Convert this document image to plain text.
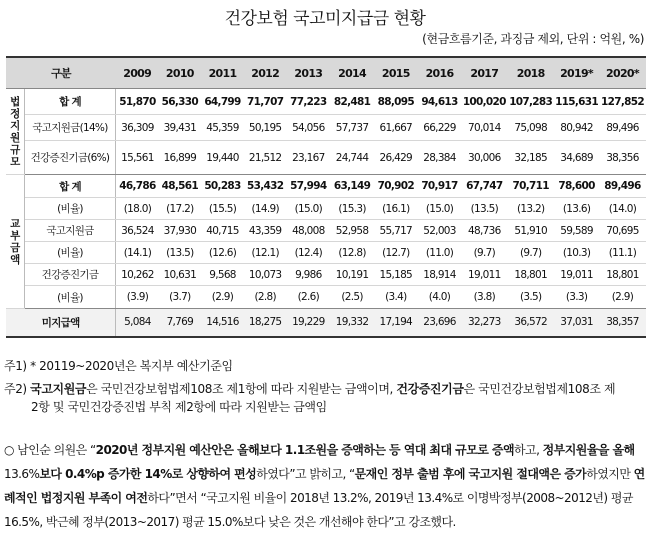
건강보험 국고미지급금 현황
(현금흐름기준, 과징금 제외, 단위 : 억원, %)
구분		2009	2010	2011	2012	2013	2014	2015	2016	2017	2018	2019*	2020*

법정지원규모	합 계	51,870	56,330	64,799	71,707	77,223	82,481	88,095	94,613	100,020	107,283	115,631	127,852
	국고지원금(14%)	36,309	39,431	45,359	50,195	54,056	57,737	61,667	66,229	70,014	75,098	80,942	89,496
	건강증진기금(6%)	15,561	16,899	19,440	21,512	23,167	24,744	26,429	28,384	30,006	32,185	34,689	38,356

교부금액	합 계	46,786	48,561	50,283	53,432	57,994	63,149	70,902	70,917	67,747	70,711	78,600	89,496
	(비율)	(18.0)	(17.2)	(15.5)	(14.9)	(15.0)	(15.3)	(16.1)	(15.0)	(13.5)	(13.2)	(13.6)	(14.0)
	국고지원금	36,524	37,930	40,715	43,359	48,008	52,958	55,717	52,003	48,736	51,910	59,589	70,695
	(비율)	(14.1)	(13.5)	(12.6)	(12.1)	(12.4)	(12.8)	(12.7)	(11.0)	(9.7)	(9.7)	(10.3)	(11.1)
	건강증진기금	10,262	10,631	9,568	10,073	9,986	10,191	15,185	18,914	19,011	18,801	19,011	18,801
	(비율)	(3.9)	(3.7)	(2.9)	(2.8)	(2.6)	(2.5)	(3.4)	(4.0)	(3.8)	(3.5)	(3.3)	(2.9)
미지급액		5,084	7,769	14,516	18,275	19,229	19,332	17,194	23,696	32,273	36,572	37,031	38,357
주1) * 20119~2020년은 복지부 예산기준임
주2) 국고지원금은 국민건강보험법제108조 제1항에 따라 지원받는 금액이며, 건강증진기금은 국민건강보험법제108조 제
2항 및 국민건강증진법 부칙 제2항에 따라 지원받는 금액임
○ 남인순 의원은 “2020년 정부지원 예산안은 올해보다 1.1조원을 증액하는 등 역대 최대 규모로 증액하고, 정부지원율을 올해 13.6%보다 0.4%p 증가한 14%로 상향하여 편성하였다”고 밝히고, “문재인 정부 출범 후에 국고지원 절대액은 증가하였지만 연례적인 법정지원 부족이 여전하다”면서 “국고지원 비율이 2018년 13.2%, 2019년 13.4%로 이명박정부(2008~2012년) 평균 16.5%, 박근혜 정부(2013~2017) 평균 15.0%보다 낮은 것은 개선해야 한다”고 강조했다.
